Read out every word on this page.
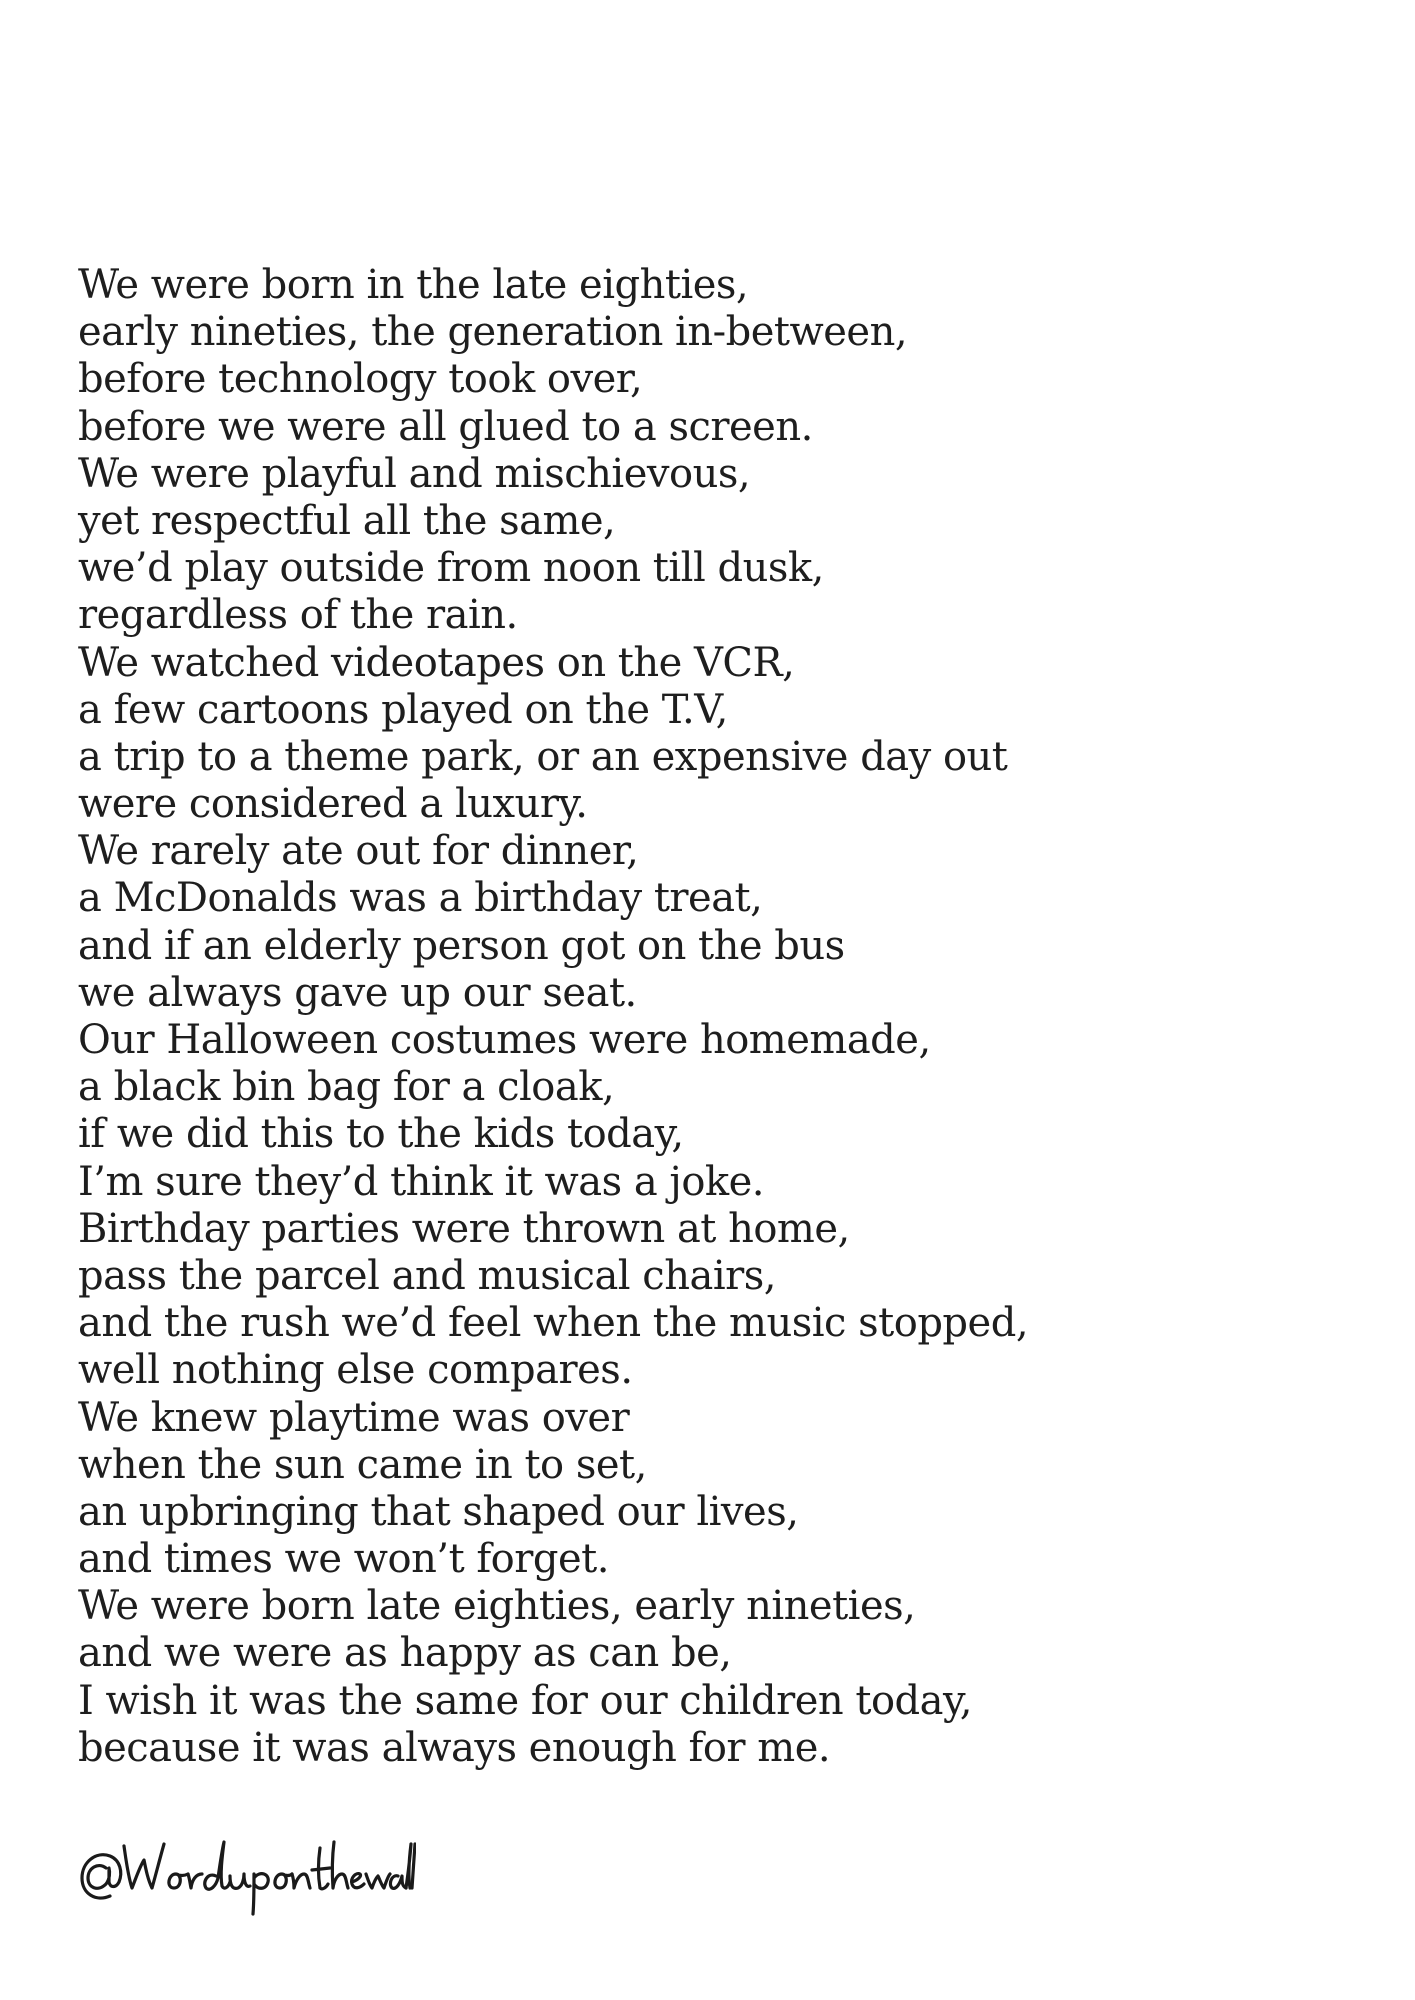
We were born in the late eighties,
early nineties, the generation in-between,
before technology took over,
before we were all glued to a screen.
We were playful and mischievous,
yet respectful all the same,
we’d play outside from noon till dusk,
regardless of the rain.
We watched videotapes on the VCR,
a few cartoons played on the T.V,
a trip to a theme park, or an expensive day out
were considered a luxury.
We rarely ate out for dinner,
a McDonalds was a birthday treat,
and if an elderly person got on the bus
we always gave up our seat.
Our Halloween costumes were homemade,
a black bin bag for a cloak,
if we did this to the kids today,
I’m sure they’d think it was a joke.
Birthday parties were thrown at home,
pass the parcel and musical chairs,
and the rush we’d feel when the music stopped,
well nothing else compares.
We knew playtime was over
when the sun came in to set,
an upbringing that shaped our lives,
and times we won’t forget.
We were born late eighties, early nineties,
and we were as happy as can be,
I wish it was the same for our children today,
because it was always enough for me.
